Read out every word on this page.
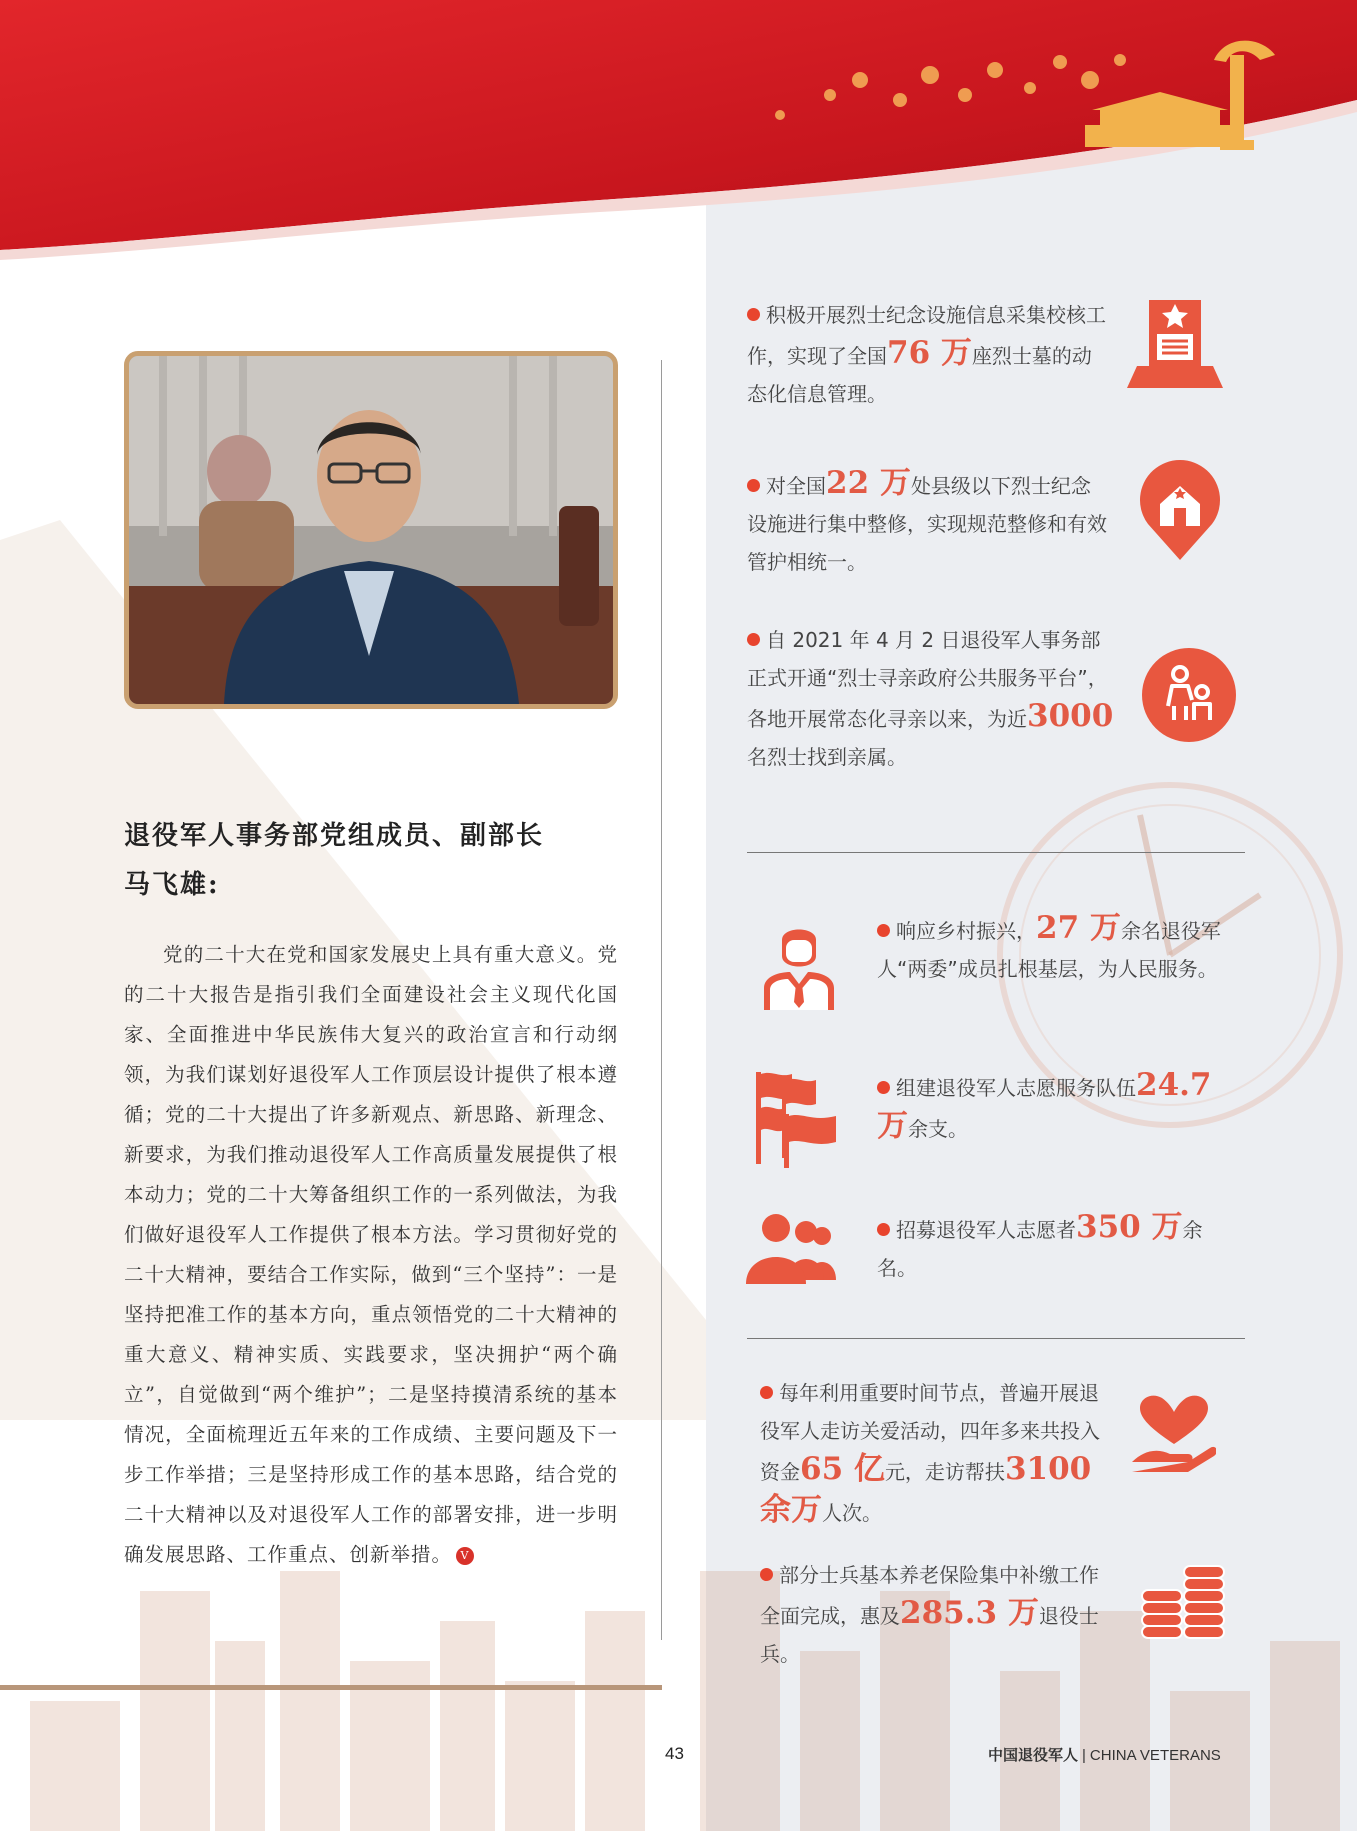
退役军人事务部党组成员、副部长
马飞雄:
党的二十大在党和国家发展史上具有重大意义。党的二十大报告是指引我们全面建设社会主义现代化国家、全面推进中华民族伟大复兴的政治宣言和行动纲领，为我们谋划好退役军人工作顶层设计提供了根本遵循；党的二十大提出了许多新观点、新思路、新理念、新要求，为我们推动退役军人工作高质量发展提供了根本动力；党的二十大筹备组织工作的一系列做法，为我们做好退役军人工作提供了根本方法。学习贯彻好党的二十大精神，要结合工作实际，做到“三个坚持”：一是坚持把准工作的基本方向，重点领悟党的二十大精神的重大意义、精神实质、实践要求，坚决拥护“两个确立”，自觉做到“两个维护”；二是坚持摸清系统的基本情况，全面梳理近五年来的工作成绩、主要问题及下一步工作举措；三是坚持形成工作的基本思路，结合党的二十大精神以及对退役军人工作的部署安排，进一步明确发展思路、工作重点、创新举措。 V
积极开展烈士纪念设施信息采集校核工作，实现了全国76 万座烈士墓的动态化信息管理。
对全国22 万处县级以下烈士纪念设施进行集中整修，实现规范整修和有效管护相统一。
自 2021 年 4 月 2 日退役军人事务部正式开通“烈士寻亲政府公共服务平台”，各地开展常态化寻亲以来，为近3000 名烈士找到亲属。
响应乡村振兴，27 万余名退役军人“两委”成员扎根基层，为人民服务。
组建退役军人志愿服务队伍24.7 万余支。
招募退役军人志愿者350 万余名。
每年利用重要时间节点，普遍开展退役军人走访关爱活动，四年多来共投入资金65 亿元，走访帮扶3100 余万人次。
部分士兵基本养老保险集中补缴工作全面完成，惠及285.3 万退役士兵。
43	中国退役军人 | CHINA VETERANS
